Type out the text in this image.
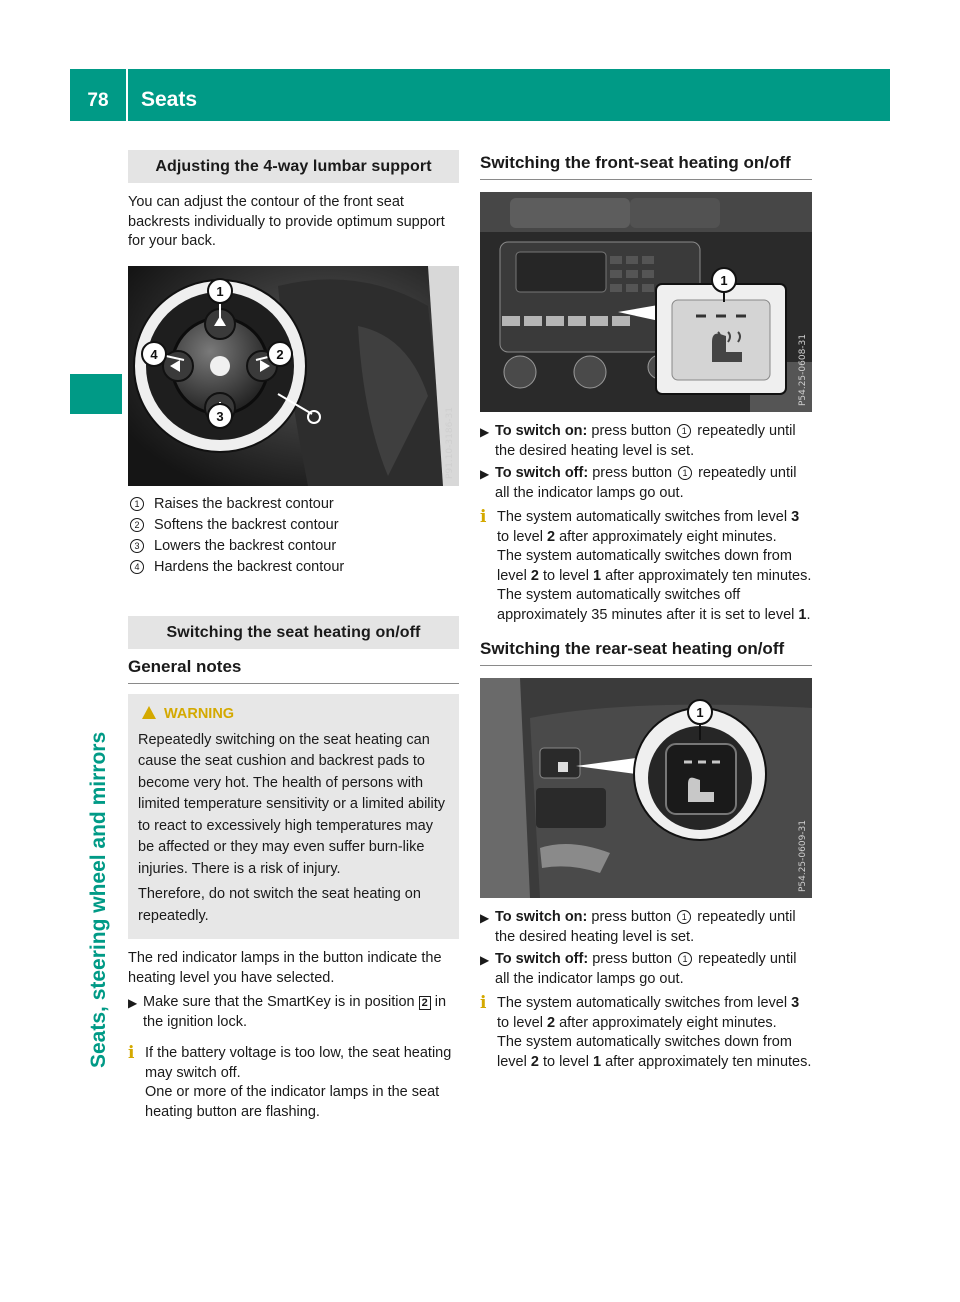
78	Seats
Seats, steering wheel and mirrors
Adjusting the 4-way lumbar support

You can adjust the contour of the front seat backrests individually to provide optimum support for your back.

1
2
3
4
P91.10-3186-31
1	Raises the backrest contour
2	Softens the backrest contour
3	Lowers the backrest contour
4	Hardens the backrest contour
Switching the seat heating on/off
General notes
WARNING

Repeatedly switching on the seat heating can cause the seat cushion and backrest pads to become very hot. The health of persons with limited temperature sensitivity or a limited ability to react to excessively high temperatures may be affected or they may even suffer burn-like injuries. There is a risk of injury.

Therefore, do not switch the seat heating on repeatedly.

The red indicator lamps in the button indicate the heating level you have selected.

▶ Make sure that the SmartKey is in position 2 in the ignition lock.
i If the battery voltage is too low, the seat heating may switch off.

One or more of the indicator lamps in the seat heating button are flashing.

Switching the front-seat heating on/off
1
P54.25-0608-31
▶ To switch on: press button 1 repeatedly until the desired heating level is set.
▶ To switch off: press button 1 repeatedly until all the indicator lamps go out.
i The system automatically switches from level 3 to level 2 after approximately eight minutes.

The system automatically switches down from level 2 to level 1 after approximately ten minutes.

The system automatically switches off approximately 35 minutes after it is set to level 1.

Switching the rear-seat heating on/off
1
P54.25-0609-31
▶ To switch on: press button 1 repeatedly until the desired heating level is set.
▶ To switch off: press button 1 repeatedly until all the indicator lamps go out.
i The system automatically switches from level 3 to level 2 after approximately eight minutes.

The system automatically switches down from level 2 to level 1 after approximately ten minutes.
